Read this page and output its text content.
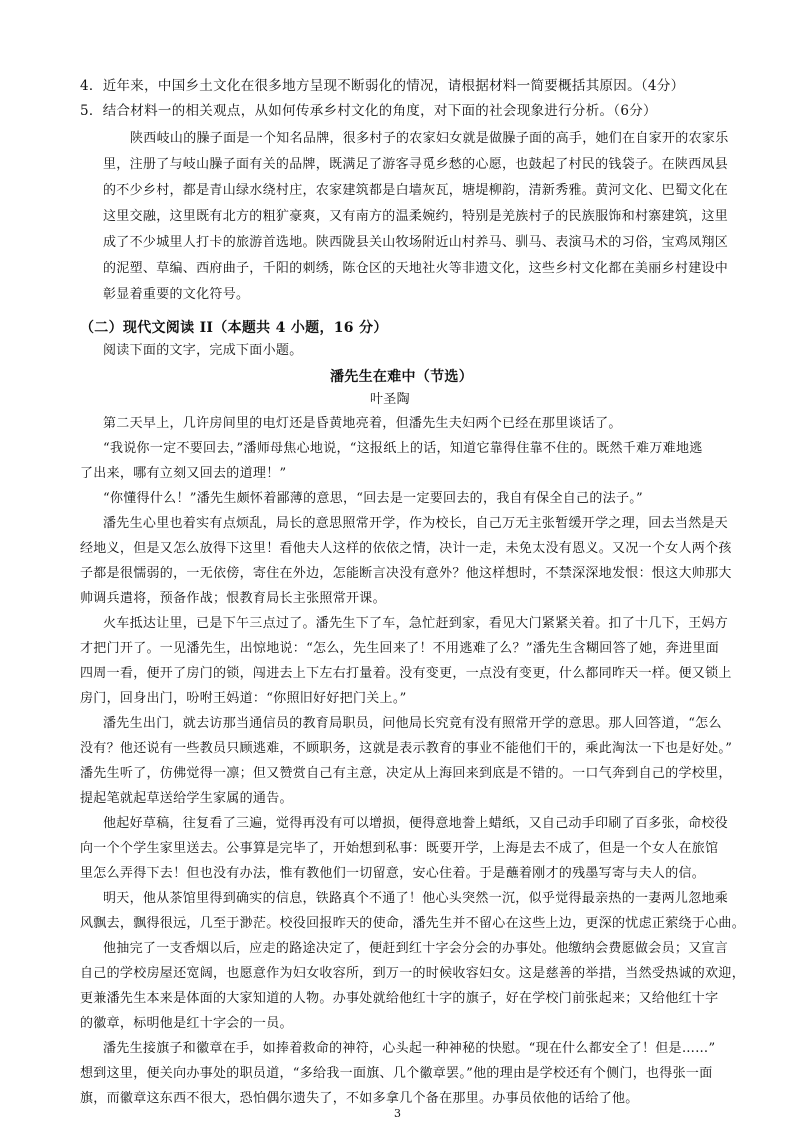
4．近年来，中国乡土文化在很多地方呈现不断弱化的情况，请根据材料一简要概括其原因。（4分）

5．结合材料一的相关观点，从如何传承乡村文化的角度，对下面的社会现象进行分析。（6分）

陕西岐山的臊子面是一个知名品牌，很多村子的农家妇女就是做臊子面的高手，她们在自家开的农家乐

里，注册了与岐山臊子面有关的品牌，既满足了游客寻觅乡愁的心愿，也鼓起了村民的钱袋子。在陕西凤县

的不少乡村，都是青山绿水绕村庄，农家建筑都是白墙灰瓦，塘堤柳韵，清新秀雅。黄河文化、巴蜀文化在

这里交融，这里既有北方的粗犷豪爽，又有南方的温柔婉约，特别是羌族村子的民族服饰和村寨建筑，这里

成了不少城里人打卡的旅游首选地。陕西陇县关山牧场附近山村养马、驯马、表演马术的习俗，宝鸡凤翔区

的泥塑、草编、西府曲子，千阳的刺绣，陈仓区的天地社火等非遗文化，这些乡村文化都在美丽乡村建设中

彰显着重要的文化符号。

（二）现代文阅读 II（本题共 4 小题，16 分）

阅读下面的文字，完成下面小题。

潘先生在难中（节选）

叶圣陶

第二天早上，几许房间里的电灯还是昏黄地亮着，但潘先生夫妇两个已经在那里谈话了。

“我说你一定不要回去，”潘师母焦心地说，“这报纸上的话，知道它靠得住靠不住的。既然千难万难地逃

了出来，哪有立刻又回去的道理！”

“你懂得什么！”潘先生颇怀着鄙薄的意思，“回去是一定要回去的，我自有保全自己的法子。”

潘先生心里也着实有点烦乱，局长的意思照常开学，作为校长，自己万无主张暂缓开学之理，回去当然是天

经地义，但是又怎么放得下这里！看他夫人这样的依依之情，决计一走，未免太没有恩义。又况一个女人两个孩

子都是很懦弱的，一无依傍，寄住在外边，怎能断言决没有意外？他这样想时，不禁深深地发恨：恨这大帅那大

帅调兵遣将，预备作战；恨教育局长主张照常开课。

火车抵达让里，已是下午三点过了。潘先生下了车，急忙赶到家，看见大门紧紧关着。扣了十几下，王妈方

才把门开了。一见潘先生，出惊地说：“怎么，先生回来了！不用逃难了么？”潘先生含糊回答了她，奔进里面

四周一看，便开了房门的锁，闯进去上下左右打量着。没有变更，一点没有变更，什么都同昨天一样。便又锁上

房门，回身出门，吩咐王妈道：“你照旧好好把门关上。”

潘先生出门，就去访那当通信员的教育局职员，问他局长究竟有没有照常开学的意思。那人回答道，“怎么

没有？他还说有一些教员只顾逃难，不顾职务，这就是表示教育的事业不能他们干的，乘此淘汰一下也是好处。”

潘先生听了，仿佛觉得一凛；但又赞赏自己有主意，决定从上海回来到底是不错的。一口气奔到自己的学校里，

提起笔就起草送给学生家属的通告。

他起好草稿，往复看了三遍，觉得再没有可以增损，便得意地誊上蜡纸，又自己动手印刷了百多张，命校役

向一个个学生家里送去。公事算是完毕了，开始想到私事：既要开学，上海是去不成了，但是一个女人在旅馆

里怎么弄得下去！但也没有办法，惟有教他们一切留意，安心住着。于是蘸着刚才的残墨写寄与夫人的信。

明天，他从茶馆里得到确实的信息，铁路真个不通了！他心头突然一沉，似乎觉得最亲热的一妻两儿忽地乘

风飘去，飘得很远，几至于渺茫。校役回报昨天的使命，潘先生并不留心在这些上边，更深的忧虑正萦绕于心曲。

他抽完了一支香烟以后，应走的路途决定了，便赶到红十字会分会的办事处。他缴纳会费愿做会员；又宣言

自己的学校房屋还宽阔，也愿意作为妇女收容所，到万一的时候收容妇女。这是慈善的举措，当然受热诚的欢迎，

更兼潘先生本来是体面的大家知道的人物。办事处就给他红十字的旗子，好在学校门前张起来；又给他红十字

的徽章，标明他是红十字会的一员。

潘先生接旗子和徽章在手，如捧着救命的神符，心头起一种神秘的快慰。“现在什么都安全了！但是……”

想到这里，便关向办事处的职员道，“多给我一面旗、几个徽章罢。”他的理由是学校还有个侧门，也得张一面

旗，而徽章这东西不很大，恐怕偶尔遗失了，不如多拿几个备在那里。办事员依他的话给了他。

3
